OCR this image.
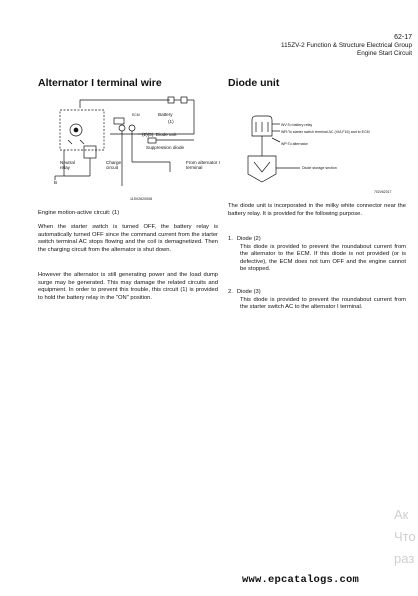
62-17
115ZV-2 Function & Structure Electrical Group
Engine Start Circuit
Alternator I terminal wire
ECM	Battery
(1)
(2)(3): Diode unit
Suppression diode
B
115V2620008
Neutral relay
Charge circuit
From alternator I terminal
Engine motion-active circuit: (1)
When the starter switch is turned OFF, the battery relay is automatically turned OFF since the command current from the starter switch terminal AC stops flowing and the coil is demagnetized. Then the charging circuit from the alternator is shut down.
However the alternator is still generating power and the load dump surge may be generated. This may damage the related circuits and equipment. In order to prevent this trouble, this circuit (1) is provided to hold the battery relay in the "ON" position.
Diode unit
702V62017
WV:To battery relay
WR:To starter switch terminal AC (VIA F15) and to ECM
WP:To alternator
Diode storage section
The diode unit is incorporated in the milky white connector near the battery relay. It is provided for the following purpose.
1. Diode (2)
This diode is provided to prevent the roundabout current from the alternator to the ECM. If this diode is not provided (or is defective), the ECM does not turn OFF and the engine cannot be stopped.
2. Diode (3)
This diode is provided to prevent the roundabout current from the starter switch AC to the alternator I terminal.
Ак
Что
раз
www.epcatalogs.com
